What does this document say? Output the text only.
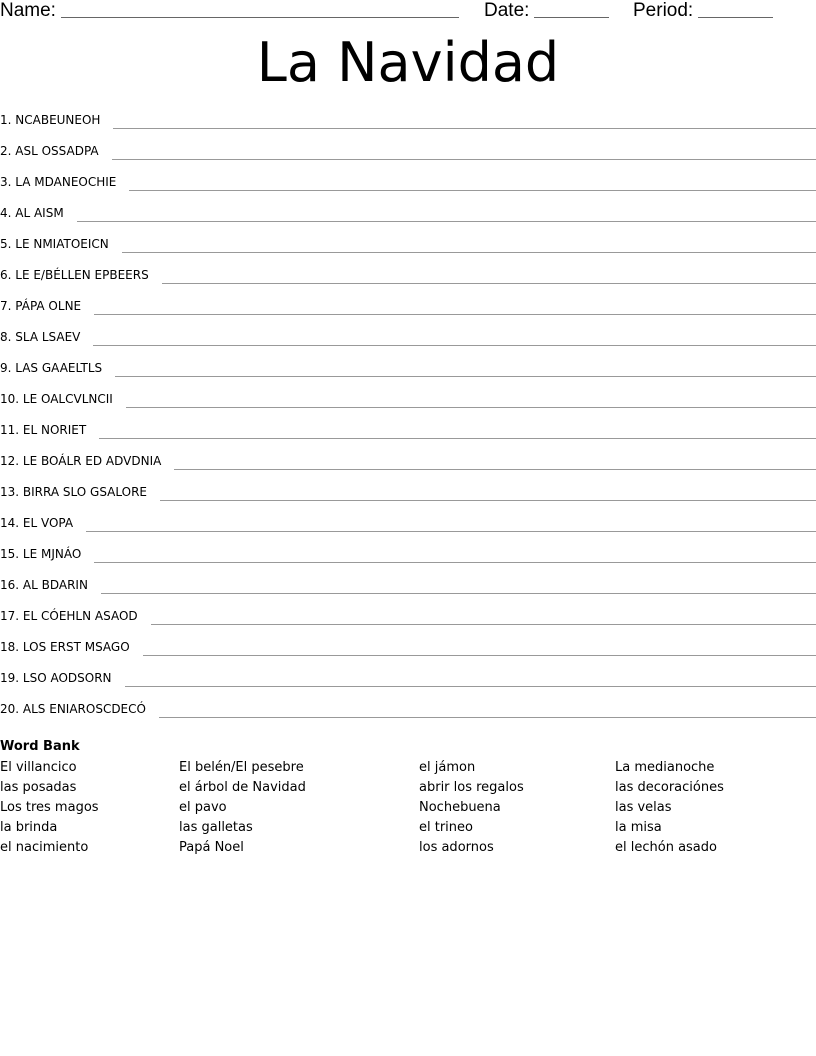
Name:	Date:	Period:
La Navidad
1. NCABEUNEOH
2. ASL OSSADPA
3. LA MDANEOCHIE
4. AL AISM
5. LE NMIATOEICN
6. LE E/BÉLLEN EPBEERS
7. PÁPA OLNE
8. SLA LSAEV
9. LAS GAAELTLS
10. LE OALCVLNCII
11. EL NORIET
12. LE BOÁLR ED ADVDNIA
13. BIRRA SLO GSALORE
14. EL VOPA
15. LE MJNÁO
16. AL BDARIN
17. EL CÓEHLN ASAOD
18. LOS ERST MSAGO
19. LSO AODSORN
20. ALS ENIAROSCDECÓ
Word Bank
El villancico
las posadas
Los tres magos
la brinda
el nacimiento
El belén/El pesebre
el árbol de Navidad
el pavo
las galletas
Papá Noel
el jámon
abrir los regalos
Nochebuena
el trineo
los adornos
La medianoche
las decoraciónes
las velas
la misa
el lechón asado
